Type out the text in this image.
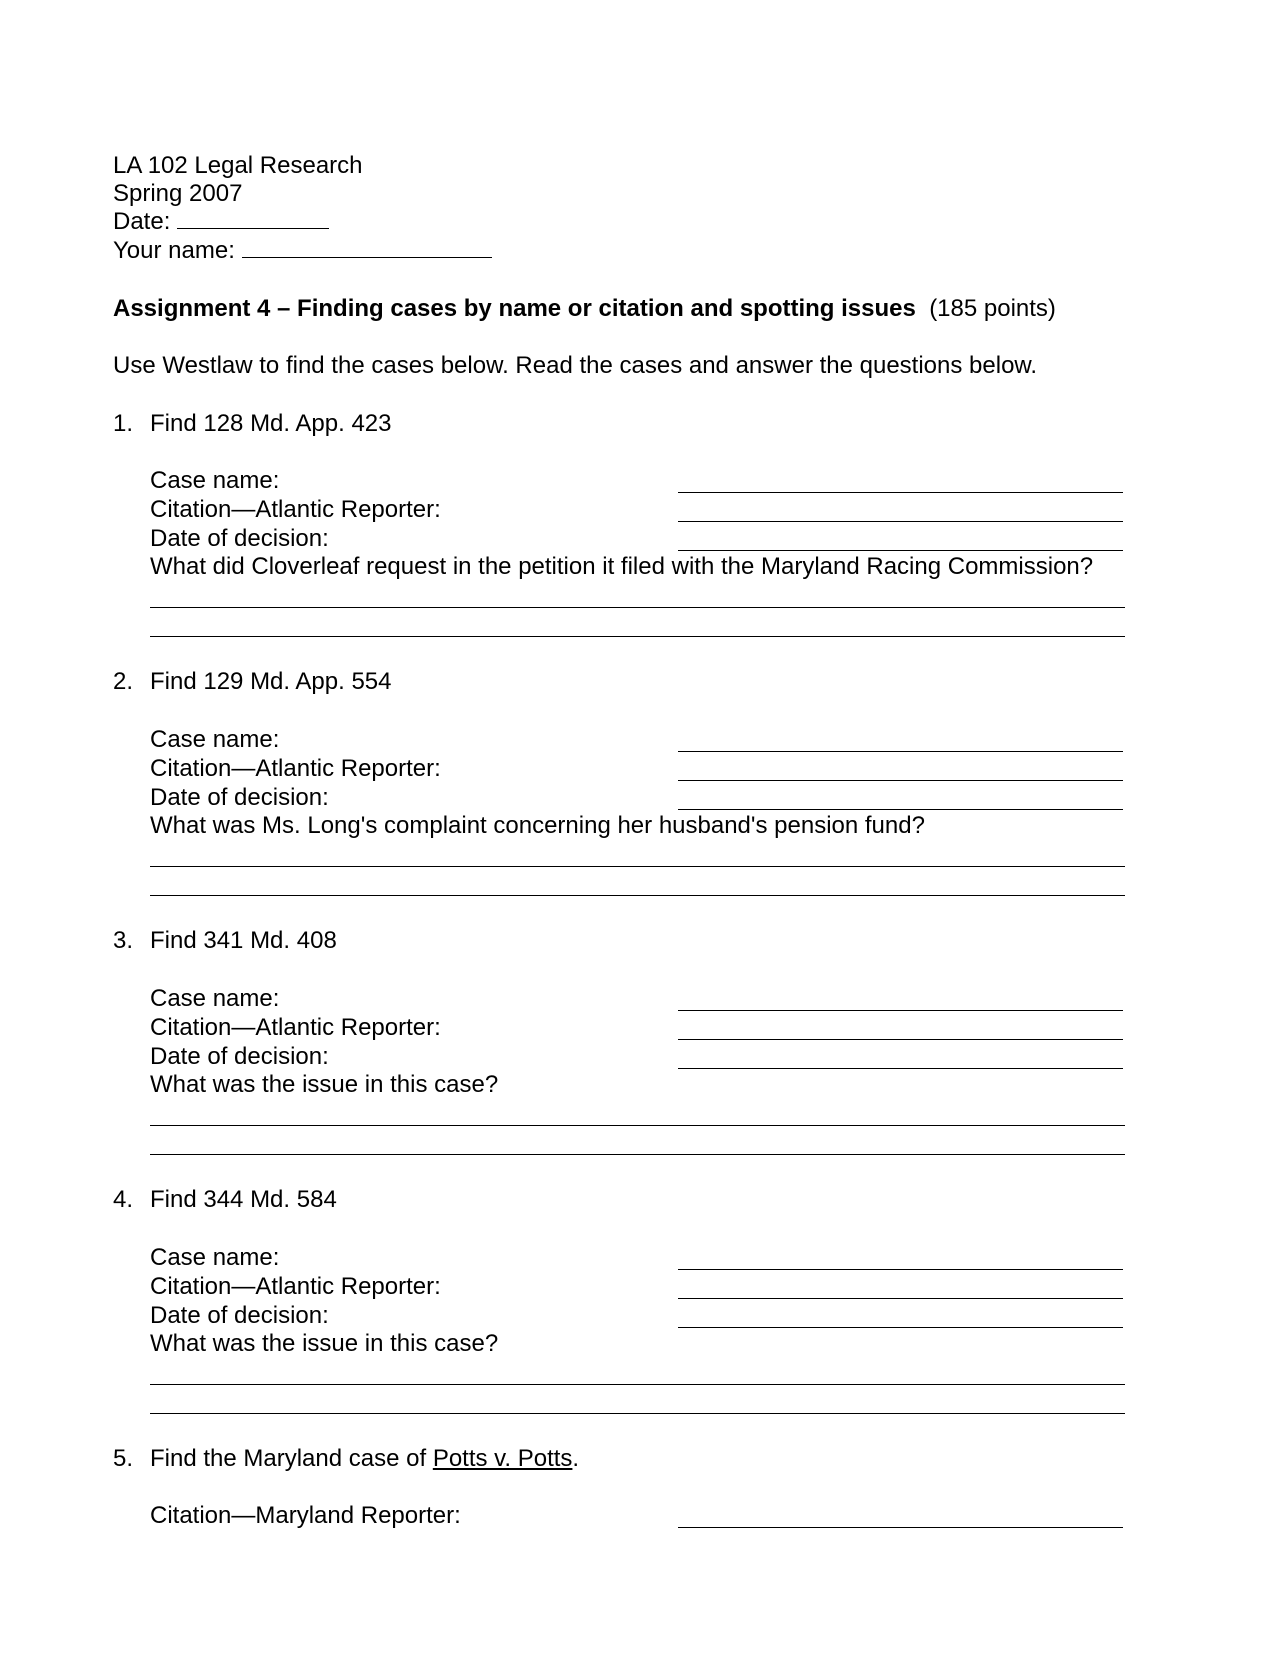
LA 102 Legal Research
Spring 2007
Date:
Your name:
Assignment 4 – Finding cases by name or citation and spotting issues (185 points)
Use Westlaw to find the cases below. Read the cases and answer the questions below.
1. Find 128 Md. App. 423
Case name:
Citation—Atlantic Reporter:
Date of decision:
What did Cloverleaf request in the petition it filed with the Maryland Racing Commission?
2. Find 129 Md. App. 554
Case name:
Citation—Atlantic Reporter:
Date of decision:
What was Ms. Long's complaint concerning her husband's pension fund?
3. Find 341 Md. 408
Case name:
Citation—Atlantic Reporter:
Date of decision:
What was the issue in this case?
4. Find 344 Md. 584
Case name:
Citation—Atlantic Reporter:
Date of decision:
What was the issue in this case?
5. Find the Maryland case of Potts v. Potts.
Citation—Maryland Reporter:
